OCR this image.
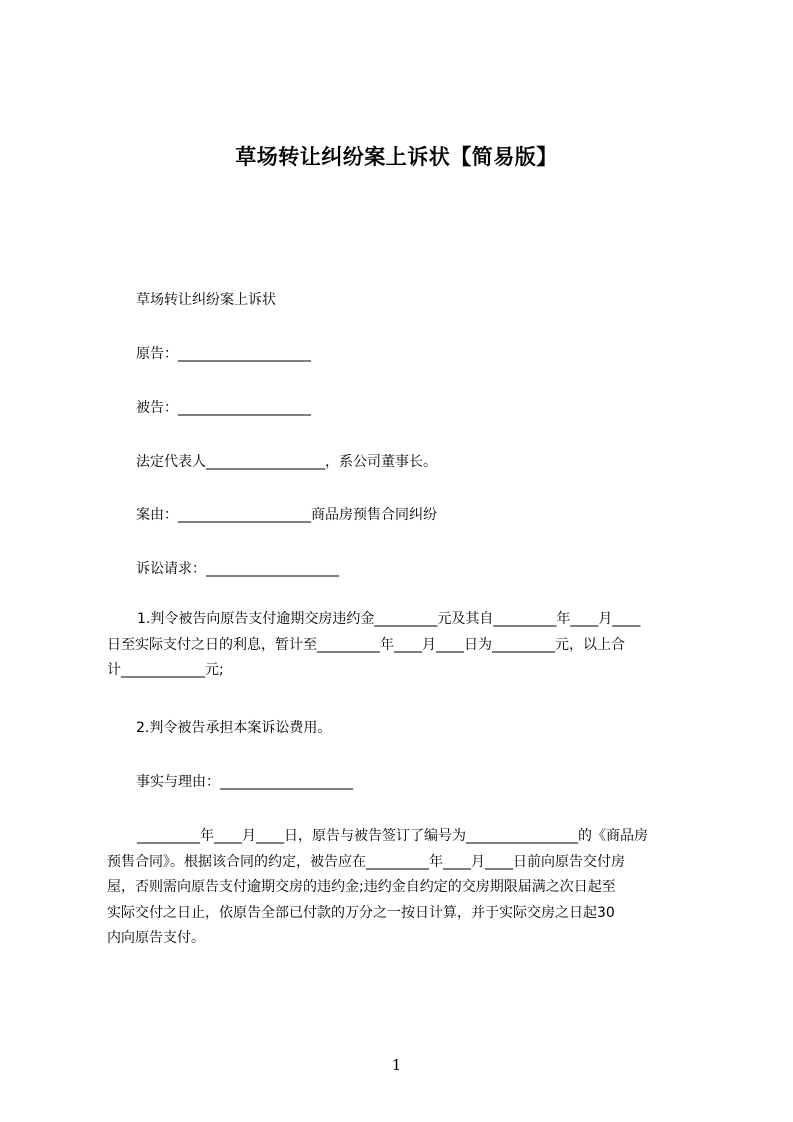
草场转让纠纷案上诉状【简易版】
草场转让纠纷案上诉状
原告：___________________
被告：___________________
法定代表人_________________，系公司董事长。
案由：___________________商品房预售合同纠纷
诉讼请求：___________________
1.判令被告向原告支付逾期交房违约金_________元及其自_________年____月____
日至实际支付之日的利息，暂计至_________年____月____日为_________元，以上合
计____________元;
2.判令被告承担本案诉讼费用。
事实与理由：___________________
_________年____月____日，原告与被告签订了编号为________________的《商品房
预售合同》。根据该合同的约定，被告应在_________年____月____日前向原告交付房
屋，否则需向原告支付逾期交房的违约金;违约金自约定的交房期限届满之次日起至
实际交付之日止，依原告全部已付款的万分之一按日计算，并于实际交房之日起30
内向原告支付。
1
